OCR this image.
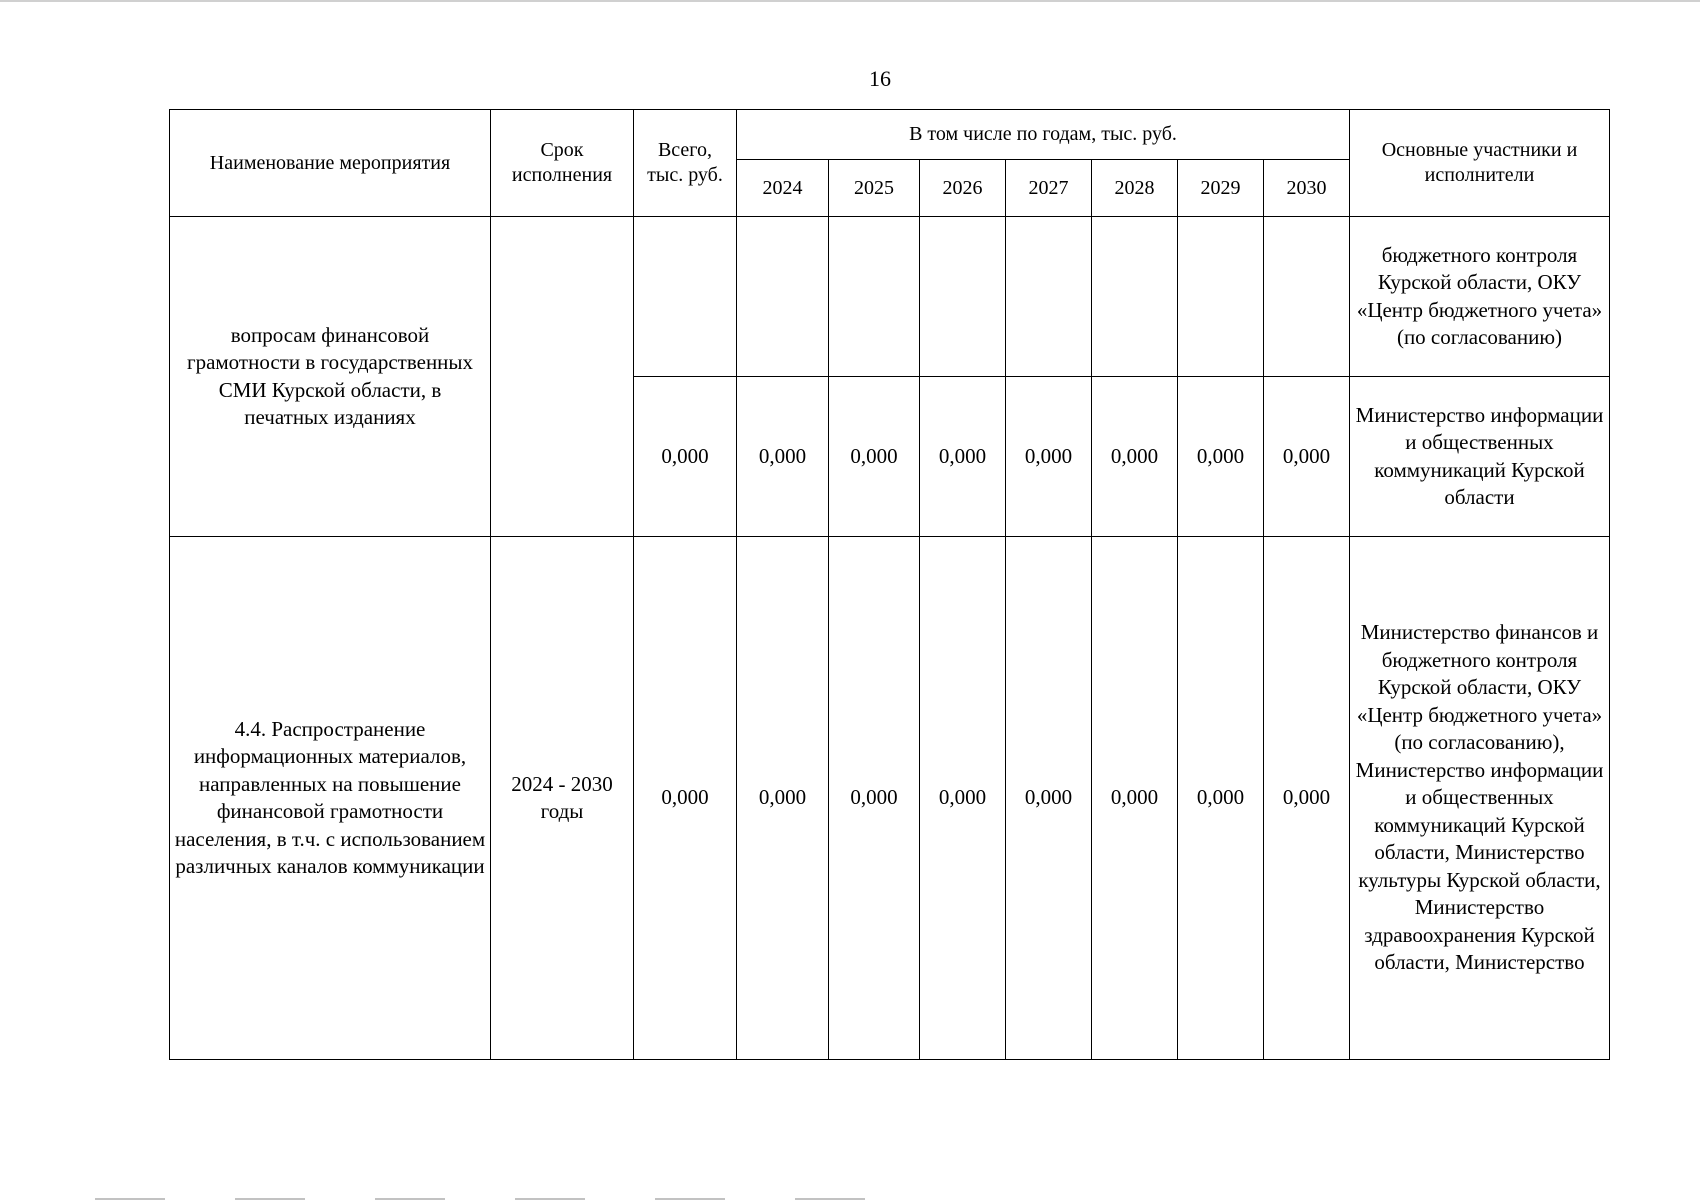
16
Наименование мероприятия	Срок исполнения	Всего, тыс. руб.	В том числе по годам, тыс. руб.							Основные участники и исполнители
			2024	2025	2026	2027	2028	2029	2030	
вопросам финансовой грамотности в государственных СМИ Курской области, в печатных изданиях										бюджетного контроля Курской области, ОКУ «Центр бюджетного учета» (по согласованию)
		0,000	0,000	0,000	0,000	0,000	0,000	0,000	0,000	Министерство информации и общественных коммуникаций Курской области
4.4. Распространение информационных материалов, направленных на повышение финансовой грамотности населения, в т.ч. с использованием различных каналов коммуникации	2024 - 2030 годы	0,000	0,000	0,000	0,000	0,000	0,000	0,000	0,000	Министерство финансов и бюджетного контроля Курской области, ОКУ «Центр бюджетного учета» (по согласованию), Министерство информации и общественных коммуникаций Курской области, Министерство культуры Курской области, Министерство здравоохранения Курской области, Министерство
